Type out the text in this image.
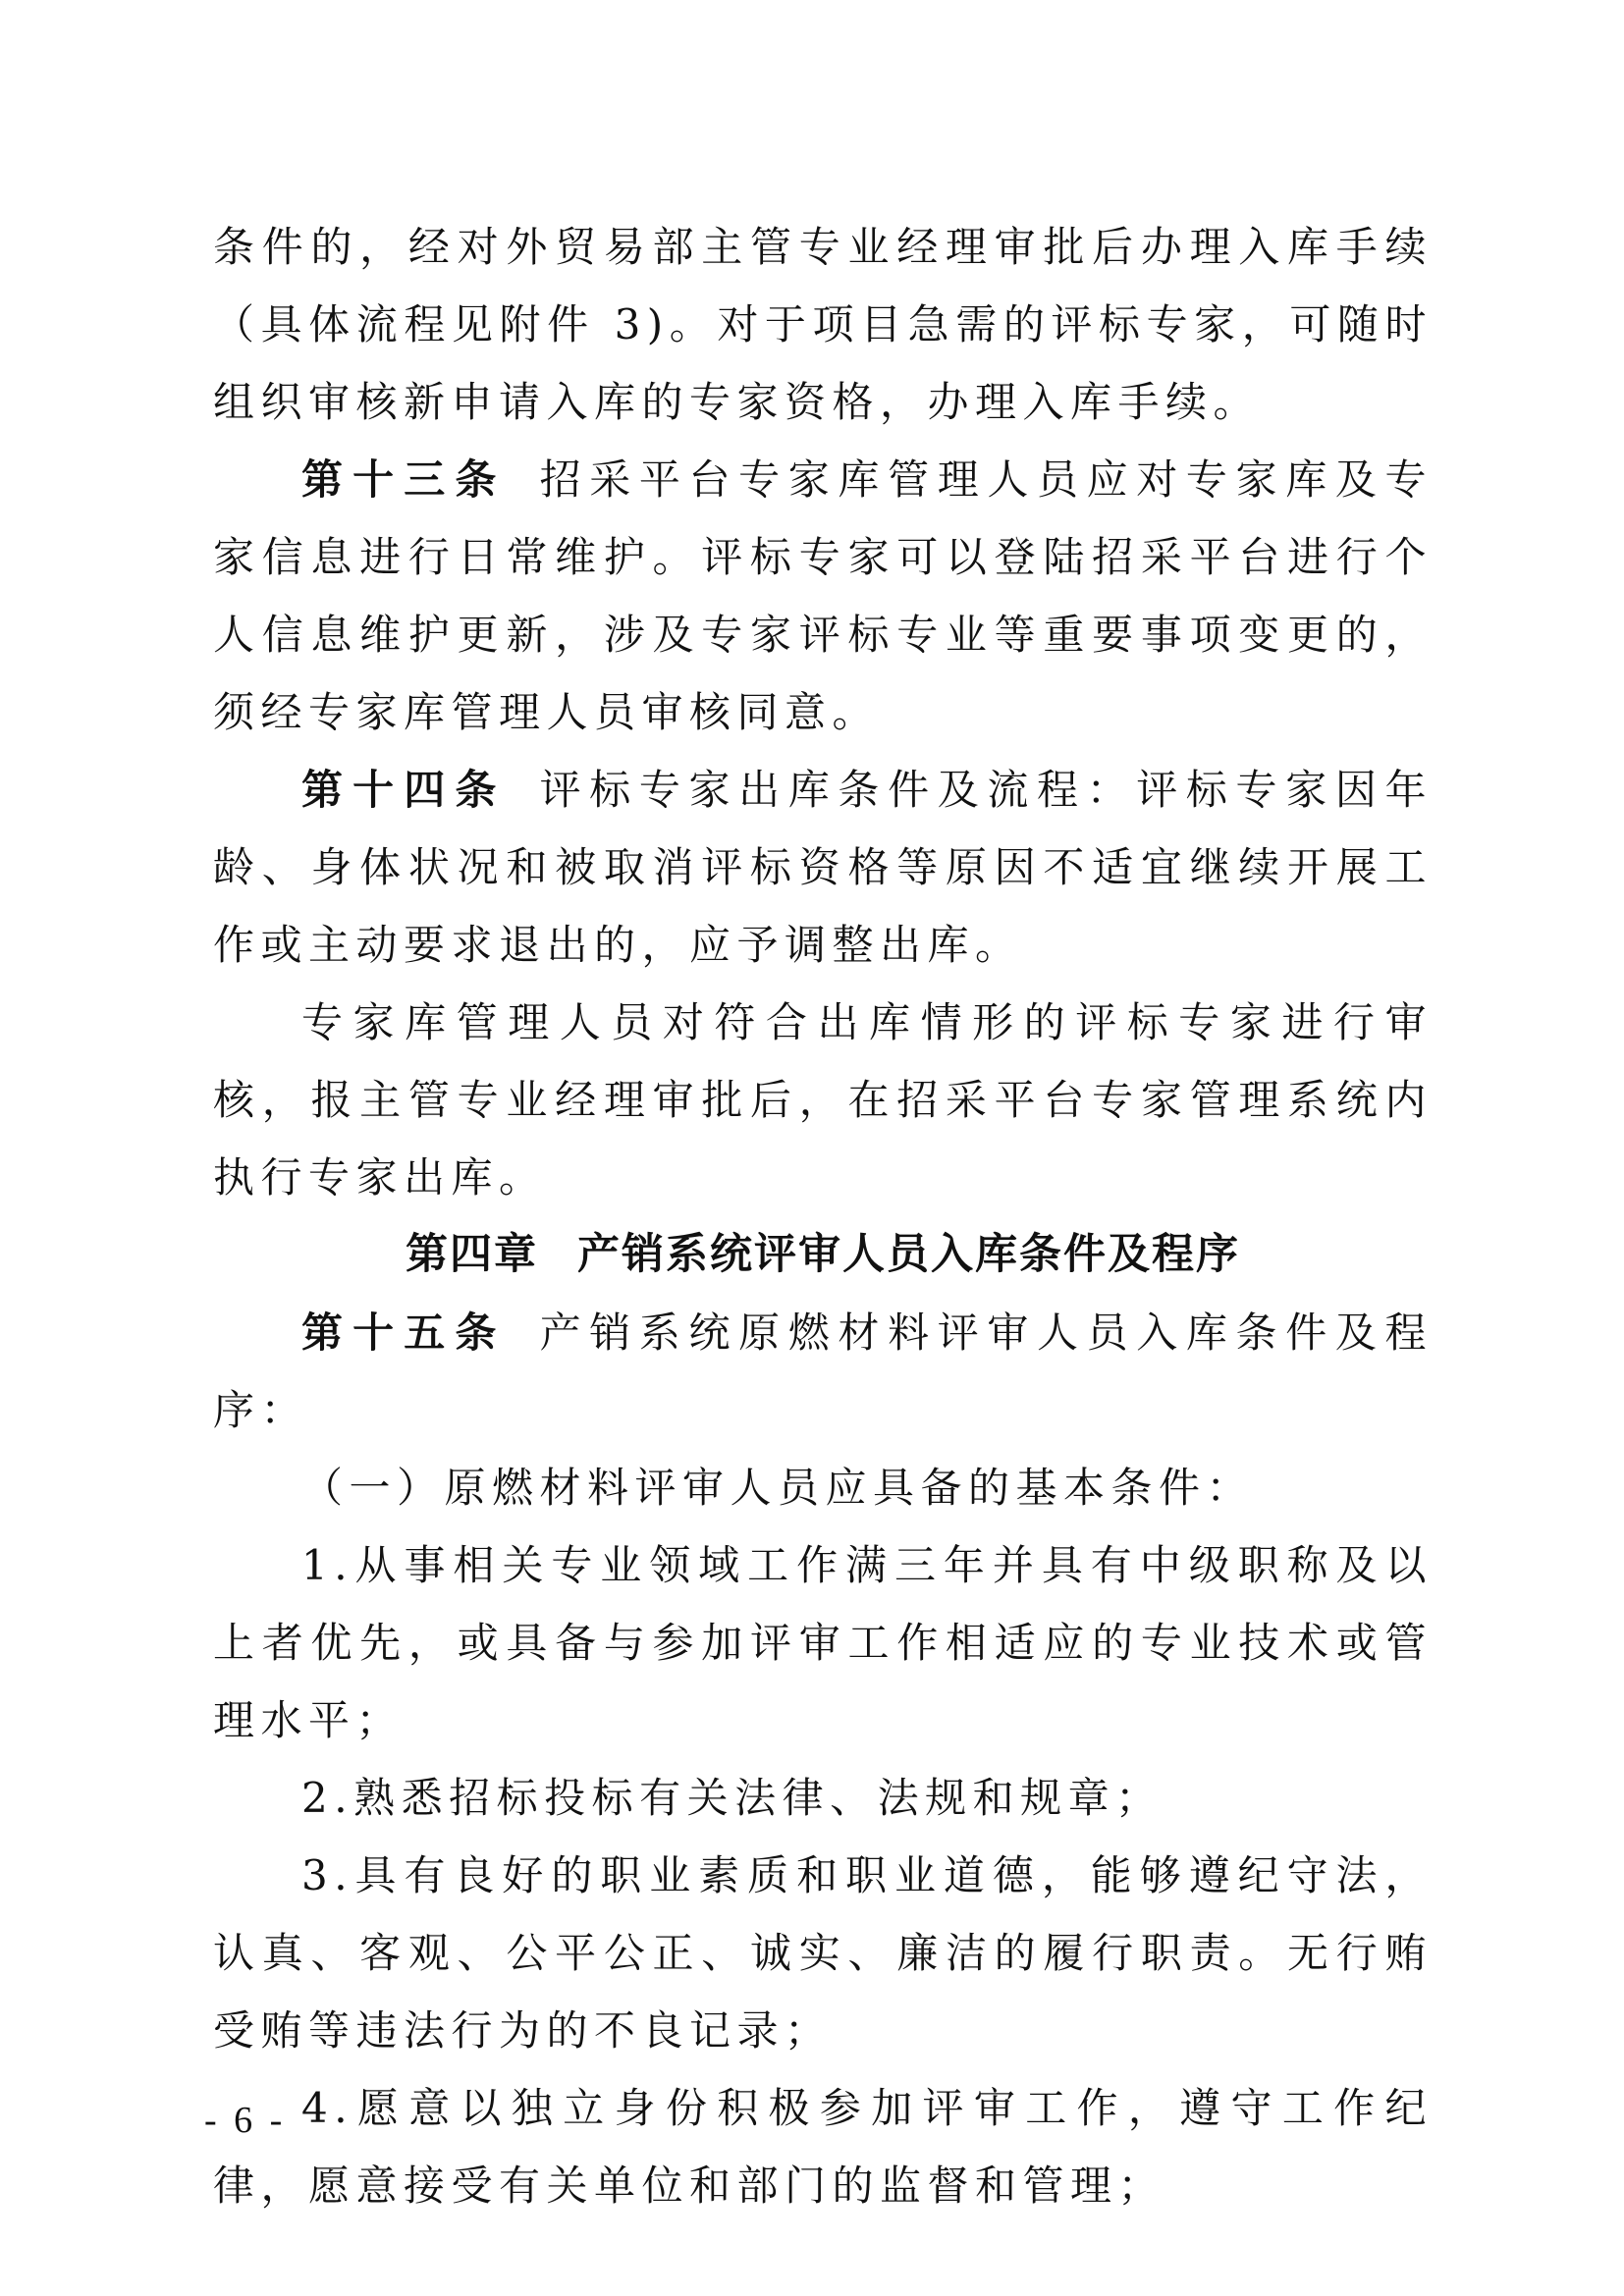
条件的，经对外贸易部主管专业经理审批后办理入库手续（具体流程见附件 3)。对于项目急需的评标专家，可随时组织审核新申请入库的专家资格，办理入库手续。

第十三条 招采平台专家库管理人员应对专家库及专家信息进行日常维护。评标专家可以登陆招采平台进行个人信息维护更新，涉及专家评标专业等重要事项变更的，须经专家库管理人员审核同意。

第十四条 评标专家出库条件及流程：评标专家因年龄、身体状况和被取消评标资格等原因不适宜继续开展工作或主动要求退出的，应予调整出库。

专家库管理人员对符合出库情形的评标专家进行审核，报主管专业经理审批后，在招采平台专家管理系统内执行专家出库。

第四章 产销系统评审人员入库条件及程序

第十五条 产销系统原燃材料评审人员入库条件及程序：

（一）原燃材料评审人员应具备的基本条件：

1.从事相关专业领域工作满三年并具有中级职称及以上者优先，或具备与参加评审工作相适应的专业技术或管理水平；

2.熟悉招标投标有关法律、法规和规章；

3.具有良好的职业素质和职业道德，能够遵纪守法，认真、客观、公平公正、诚实、廉洁的履行职责。无行贿受贿等违法行为的不良记录；

4.愿意以独立身份积极参加评审工作，遵守工作纪律，愿意接受有关单位和部门的监督和管理；

- 6 -
